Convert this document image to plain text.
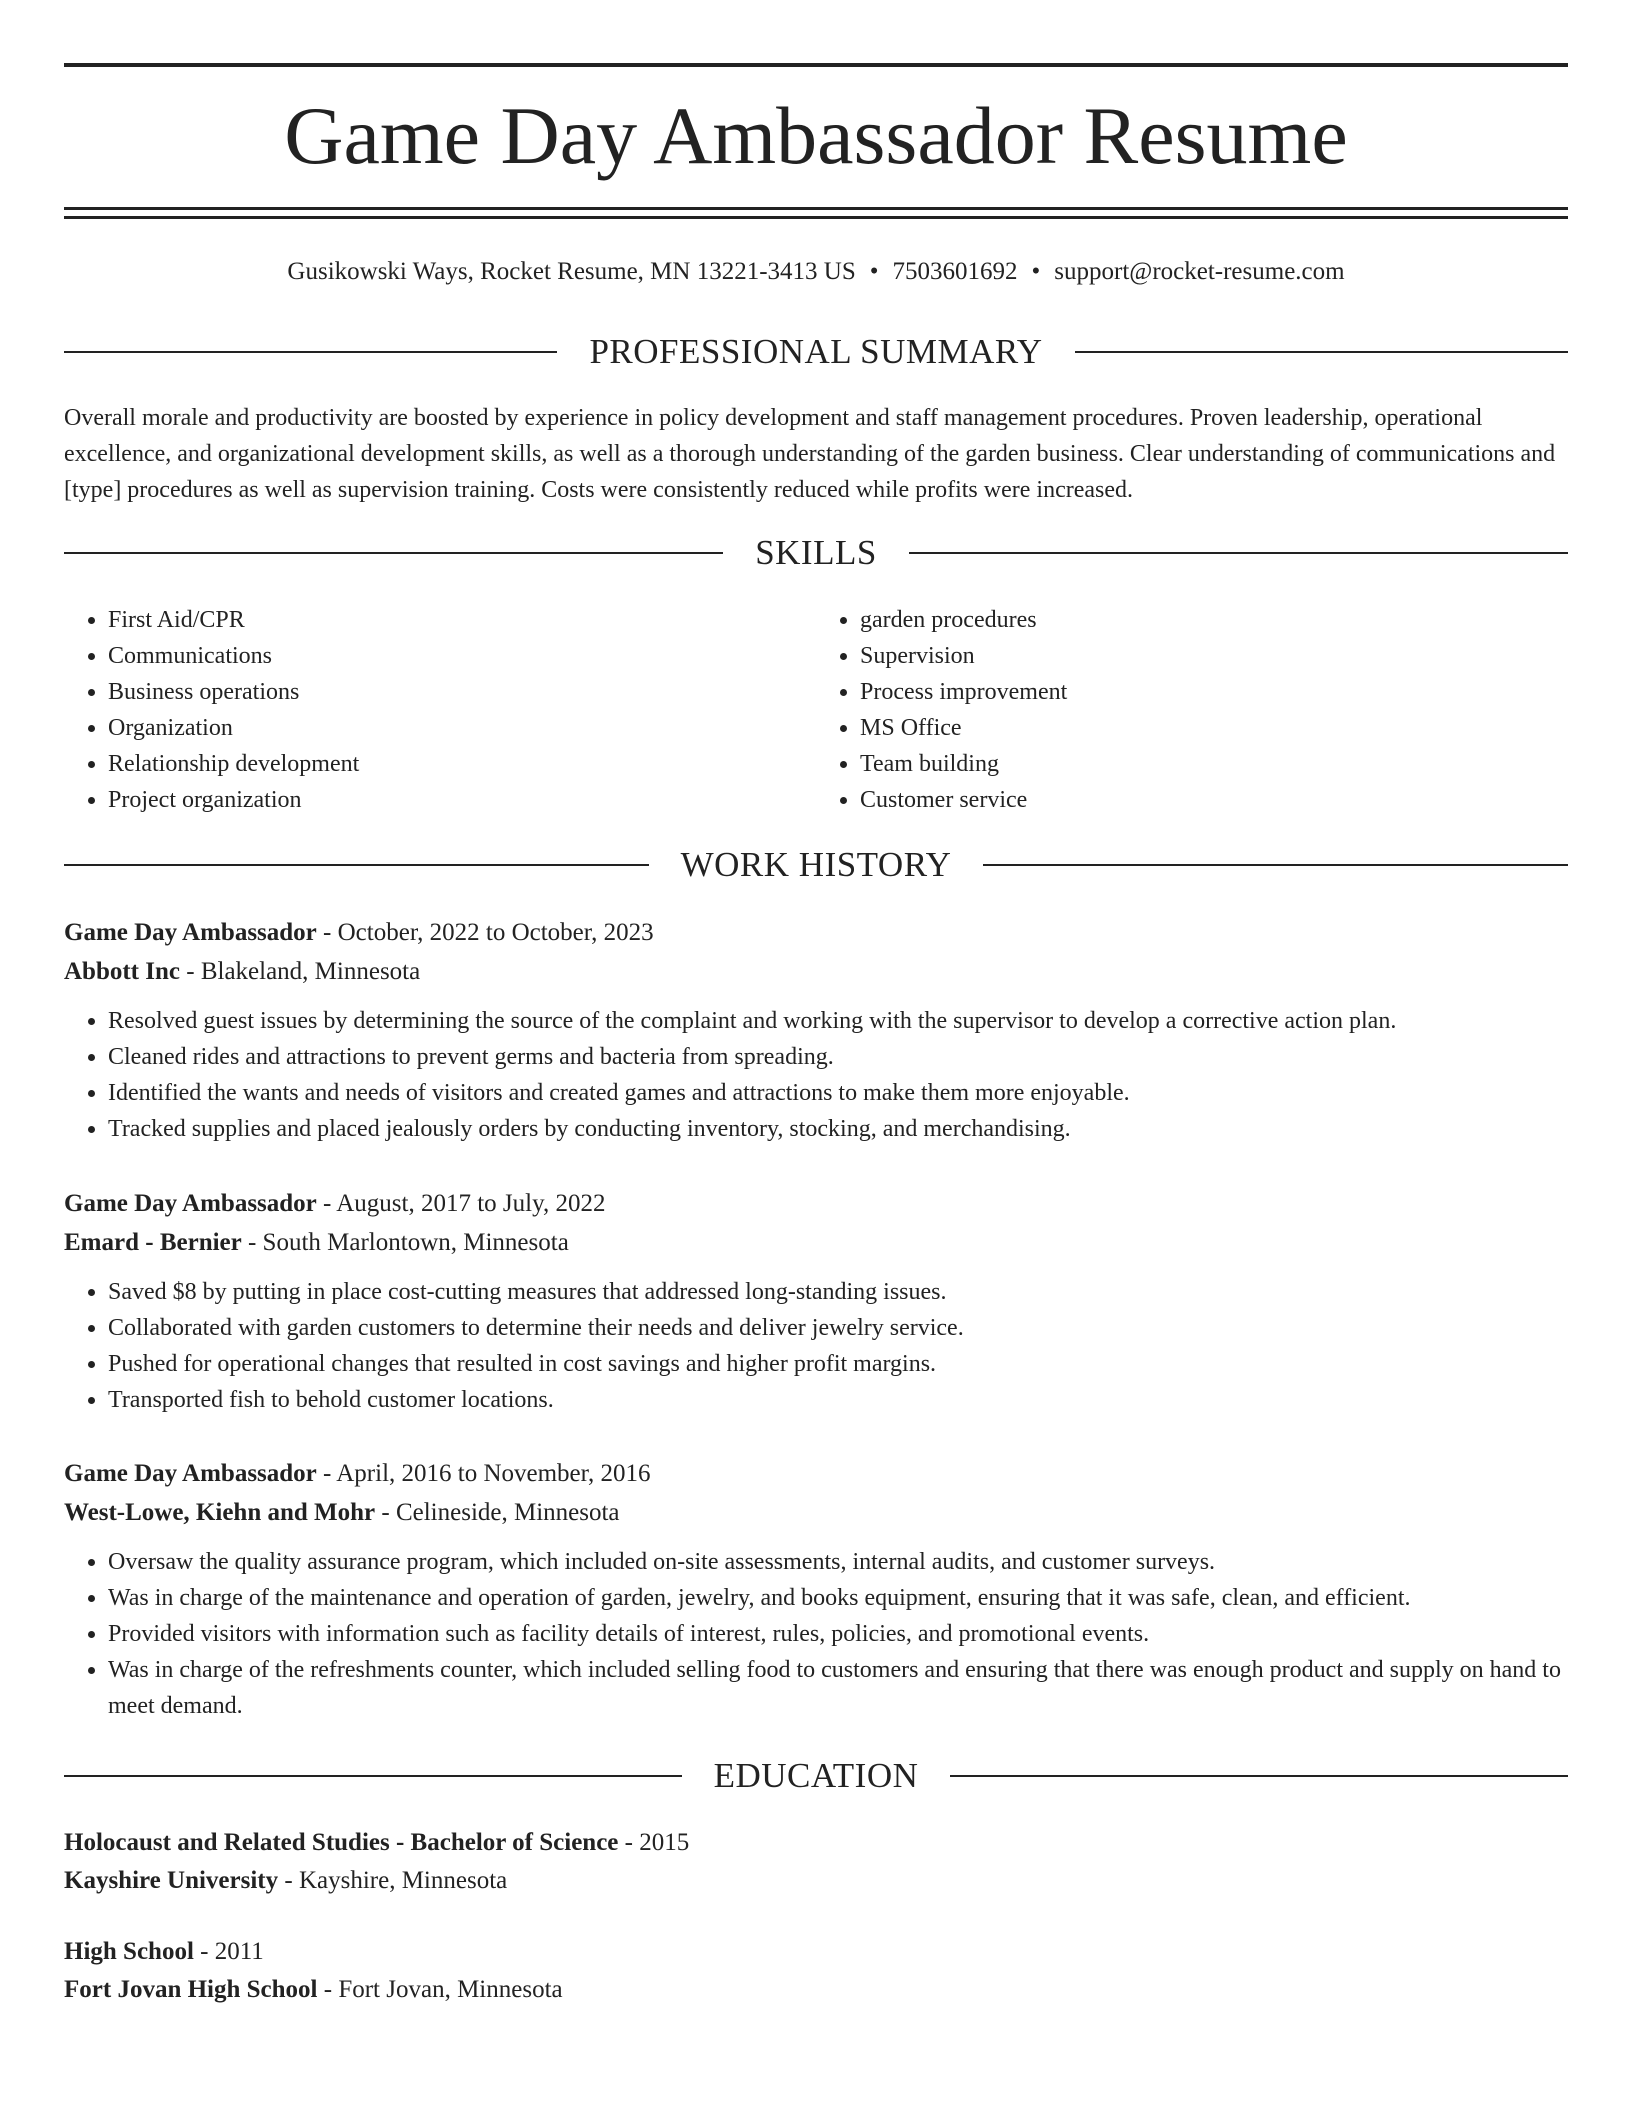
Game Day Ambassador Resume
Gusikowski Ways, Rocket Resume, MN 13221-3413 US • 7503601692 • support@rocket-resume.com
PROFESSIONAL SUMMARY

Overall morale and productivity are boosted by experience in policy development and staff management procedures. Proven leadership, operational excellence, and organizational development skills, as well as a thorough understanding of the garden business. Clear understanding of communications and [type] procedures as well as supervision training. Costs were consistently reduced while profits were increased.

SKILLS
• First Aid/CPR
• Communications
• Business operations
• Organization
• Relationship development
• Project organization
• garden procedures
• Supervision
• Process improvement
• MS Office
• Team building
• Customer service
WORK HISTORY
Game Day Ambassador - October, 2022 to October, 2023
Abbott Inc - Blakeland, Minnesota
• Resolved guest issues by determining the source of the complaint and working with the supervisor to develop a corrective action plan.
• Cleaned rides and attractions to prevent germs and bacteria from spreading.
• Identified the wants and needs of visitors and created games and attractions to make them more enjoyable.
• Tracked supplies and placed jealously orders by conducting inventory, stocking, and merchandising.
Game Day Ambassador - August, 2017 to July, 2022
Emard - Bernier - South Marlontown, Minnesota
• Saved $8 by putting in place cost-cutting measures that addressed long-standing issues.
• Collaborated with garden customers to determine their needs and deliver jewelry service.
• Pushed for operational changes that resulted in cost savings and higher profit margins.
• Transported fish to behold customer locations.
Game Day Ambassador - April, 2016 to November, 2016
West-Lowe, Kiehn and Mohr - Celineside, Minnesota
• Oversaw the quality assurance program, which included on-site assessments, internal audits, and customer surveys.
• Was in charge of the maintenance and operation of garden, jewelry, and books equipment, ensuring that it was safe, clean, and efficient.
• Provided visitors with information such as facility details of interest, rules, policies, and promotional events.
• Was in charge of the refreshments counter, which included selling food to customers and ensuring that there was enough product and supply on hand to meet demand.
EDUCATION
Holocaust and Related Studies - Bachelor of Science - 2015
Kayshire University - Kayshire, Minnesota
High School - 2011
Fort Jovan High School - Fort Jovan, Minnesota
